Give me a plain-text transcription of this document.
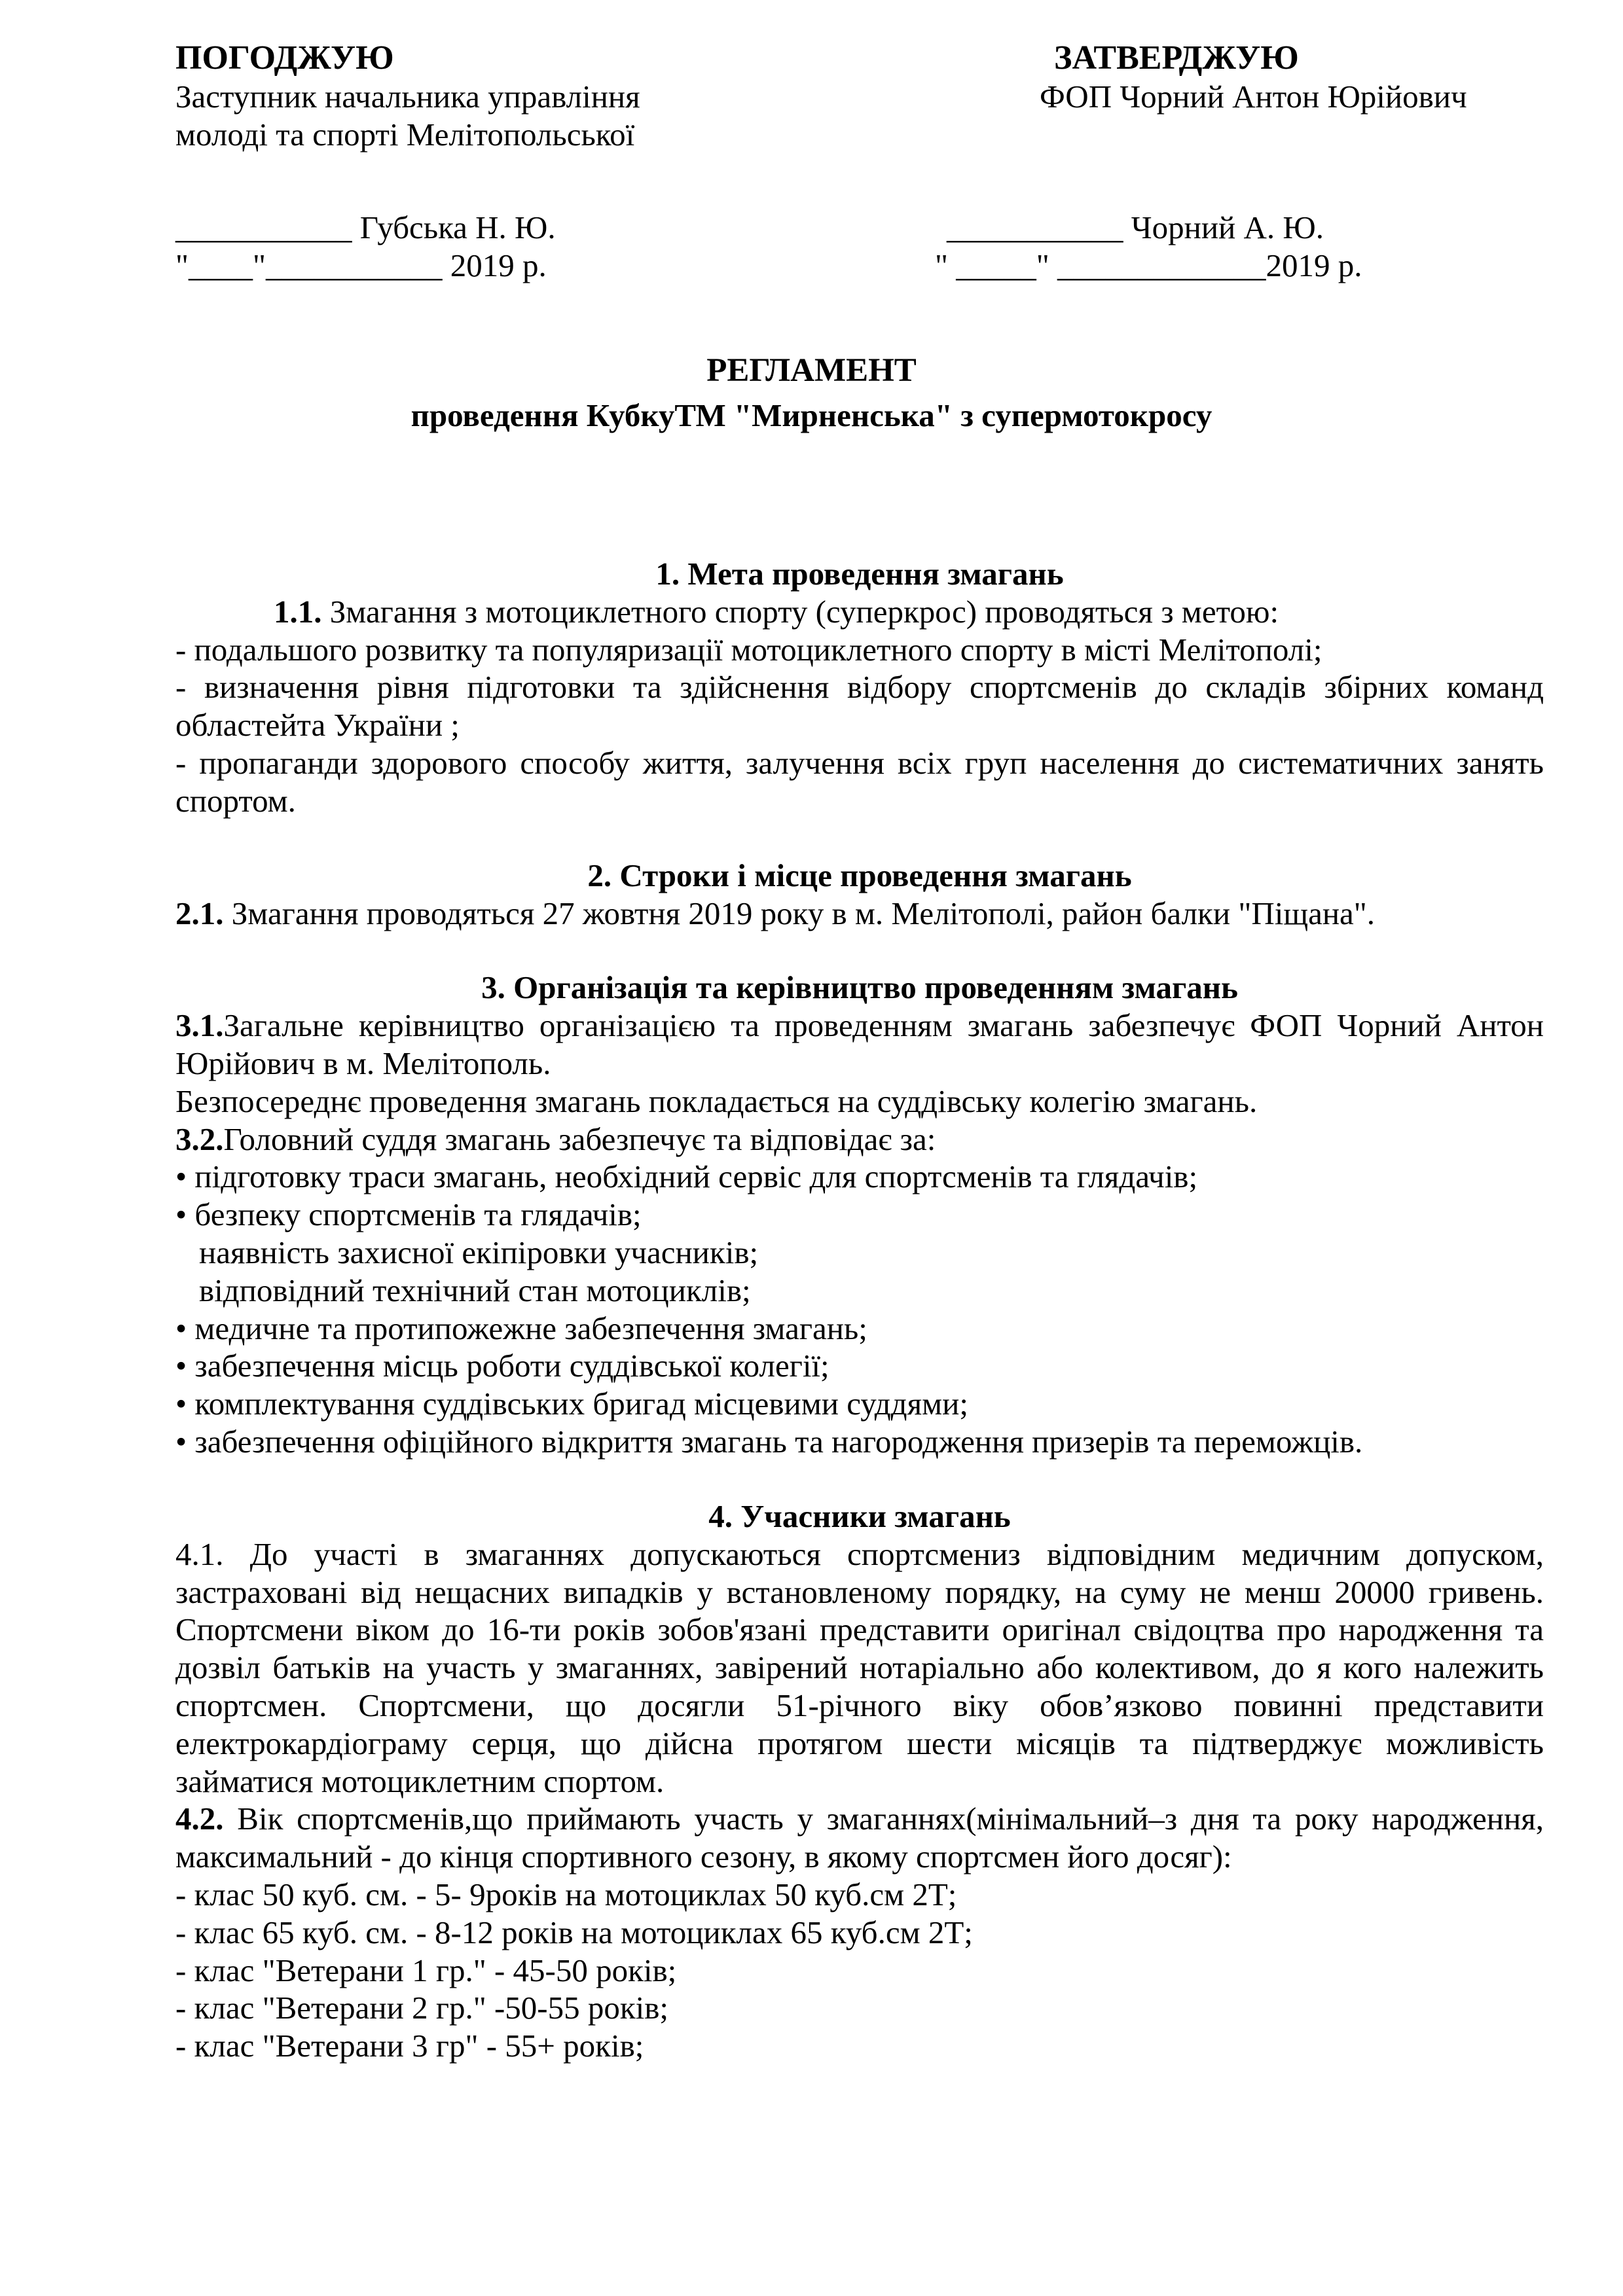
ПОГОДЖУЮ
Заступник начальника управління
молоді та спорті Мелітопольської
___________ Губська Н. Ю.
"____"___________ 2019 р.
ЗАТВЕРДЖУЮ
ФОП Чорний Антон Юрійович
___________ Чорний А. Ю.
" _____" _____________2019 р.
РЕГЛАМЕНТ
проведення КубкуТМ "Мирненська" з супермотокросу
1. Мета проведення змагань

1.1. Змагання з мотоциклетного спорту (суперкрос) проводяться з метою:

- подальшого розвитку та популяризації мотоциклетного спорту в місті Мелітополі;

- визначення рівня підготовки та здійснення відбору спортсменів до складів збірних команд областейта України ;

- пропаганди здорового способу життя, залучення всіх груп населення до систематичних занять спортом.

2. Строки і місце проведення змагань

2.1. Змагання проводяться 27 жовтня 2019 року в м. Мелітополі, район балки "Піщана".

3. Організація та керівництво проведенням змагань

3.1.Загальне керівництво організацією та проведенням змагань забезпечує ФОП Чорний Антон Юрійович в м. Мелітополь.

Безпосереднє проведення змагань покладається на суддівську колегію змагань.

3.2.Головний суддя змагань забезпечує та відповідає за:

• підготовку траси змагань, необхідний сервіс для спортсменів та глядачів;

• безпеку спортсменів та глядачів;

наявність захисної екіпіровки учасників;

відповідний технічний стан мотоциклів;

• медичне та протипожежне забезпечення змагань;

• забезпечення місць роботи суддівської колегії;

• комплектування суддівських бригад місцевими суддями;

• забезпечення офіційного відкриття змагань та нагородження призерів та переможців.

4. Учасники змагань

4.1. До участі в змаганнях допускаються спортсмениз відповідним медичним допуском, застраховані від нещасних випадків у встановленому порядку, на суму не менш 20000 гривень. Спортсмени віком до 16-ти років зобов'язані представити оригінал свідоцтва про народження та дозвіл батьків на участь у змаганнях, завірений нотаріально або колективом, до я кого належить спортсмен. Спортсмени, що досягли 51-річного віку обов’язково повинні представити електрокардіограму серця, що дійсна протягом шести місяців та підтверджує можливість займатися мотоциклетним спортом.

4.2. Вік спортсменів,що приймають участь у змаганнях(мінімальний–з дня та року народження, максимальний - до кінця спортивного сезону, в якому спортсмен його досяг):

- клас 50 куб. см. - 5- 9років на мотоциклах 50 куб.см 2Т;

- клас 65 куб. см. - 8-12 років на мотоциклах 65 куб.см 2Т;

- клас "Ветерани 1 гр." - 45-50 років;

- клас "Ветерани 2 гр." -50-55 років;

- клас "Ветерани 3 гр" - 55+ років;
